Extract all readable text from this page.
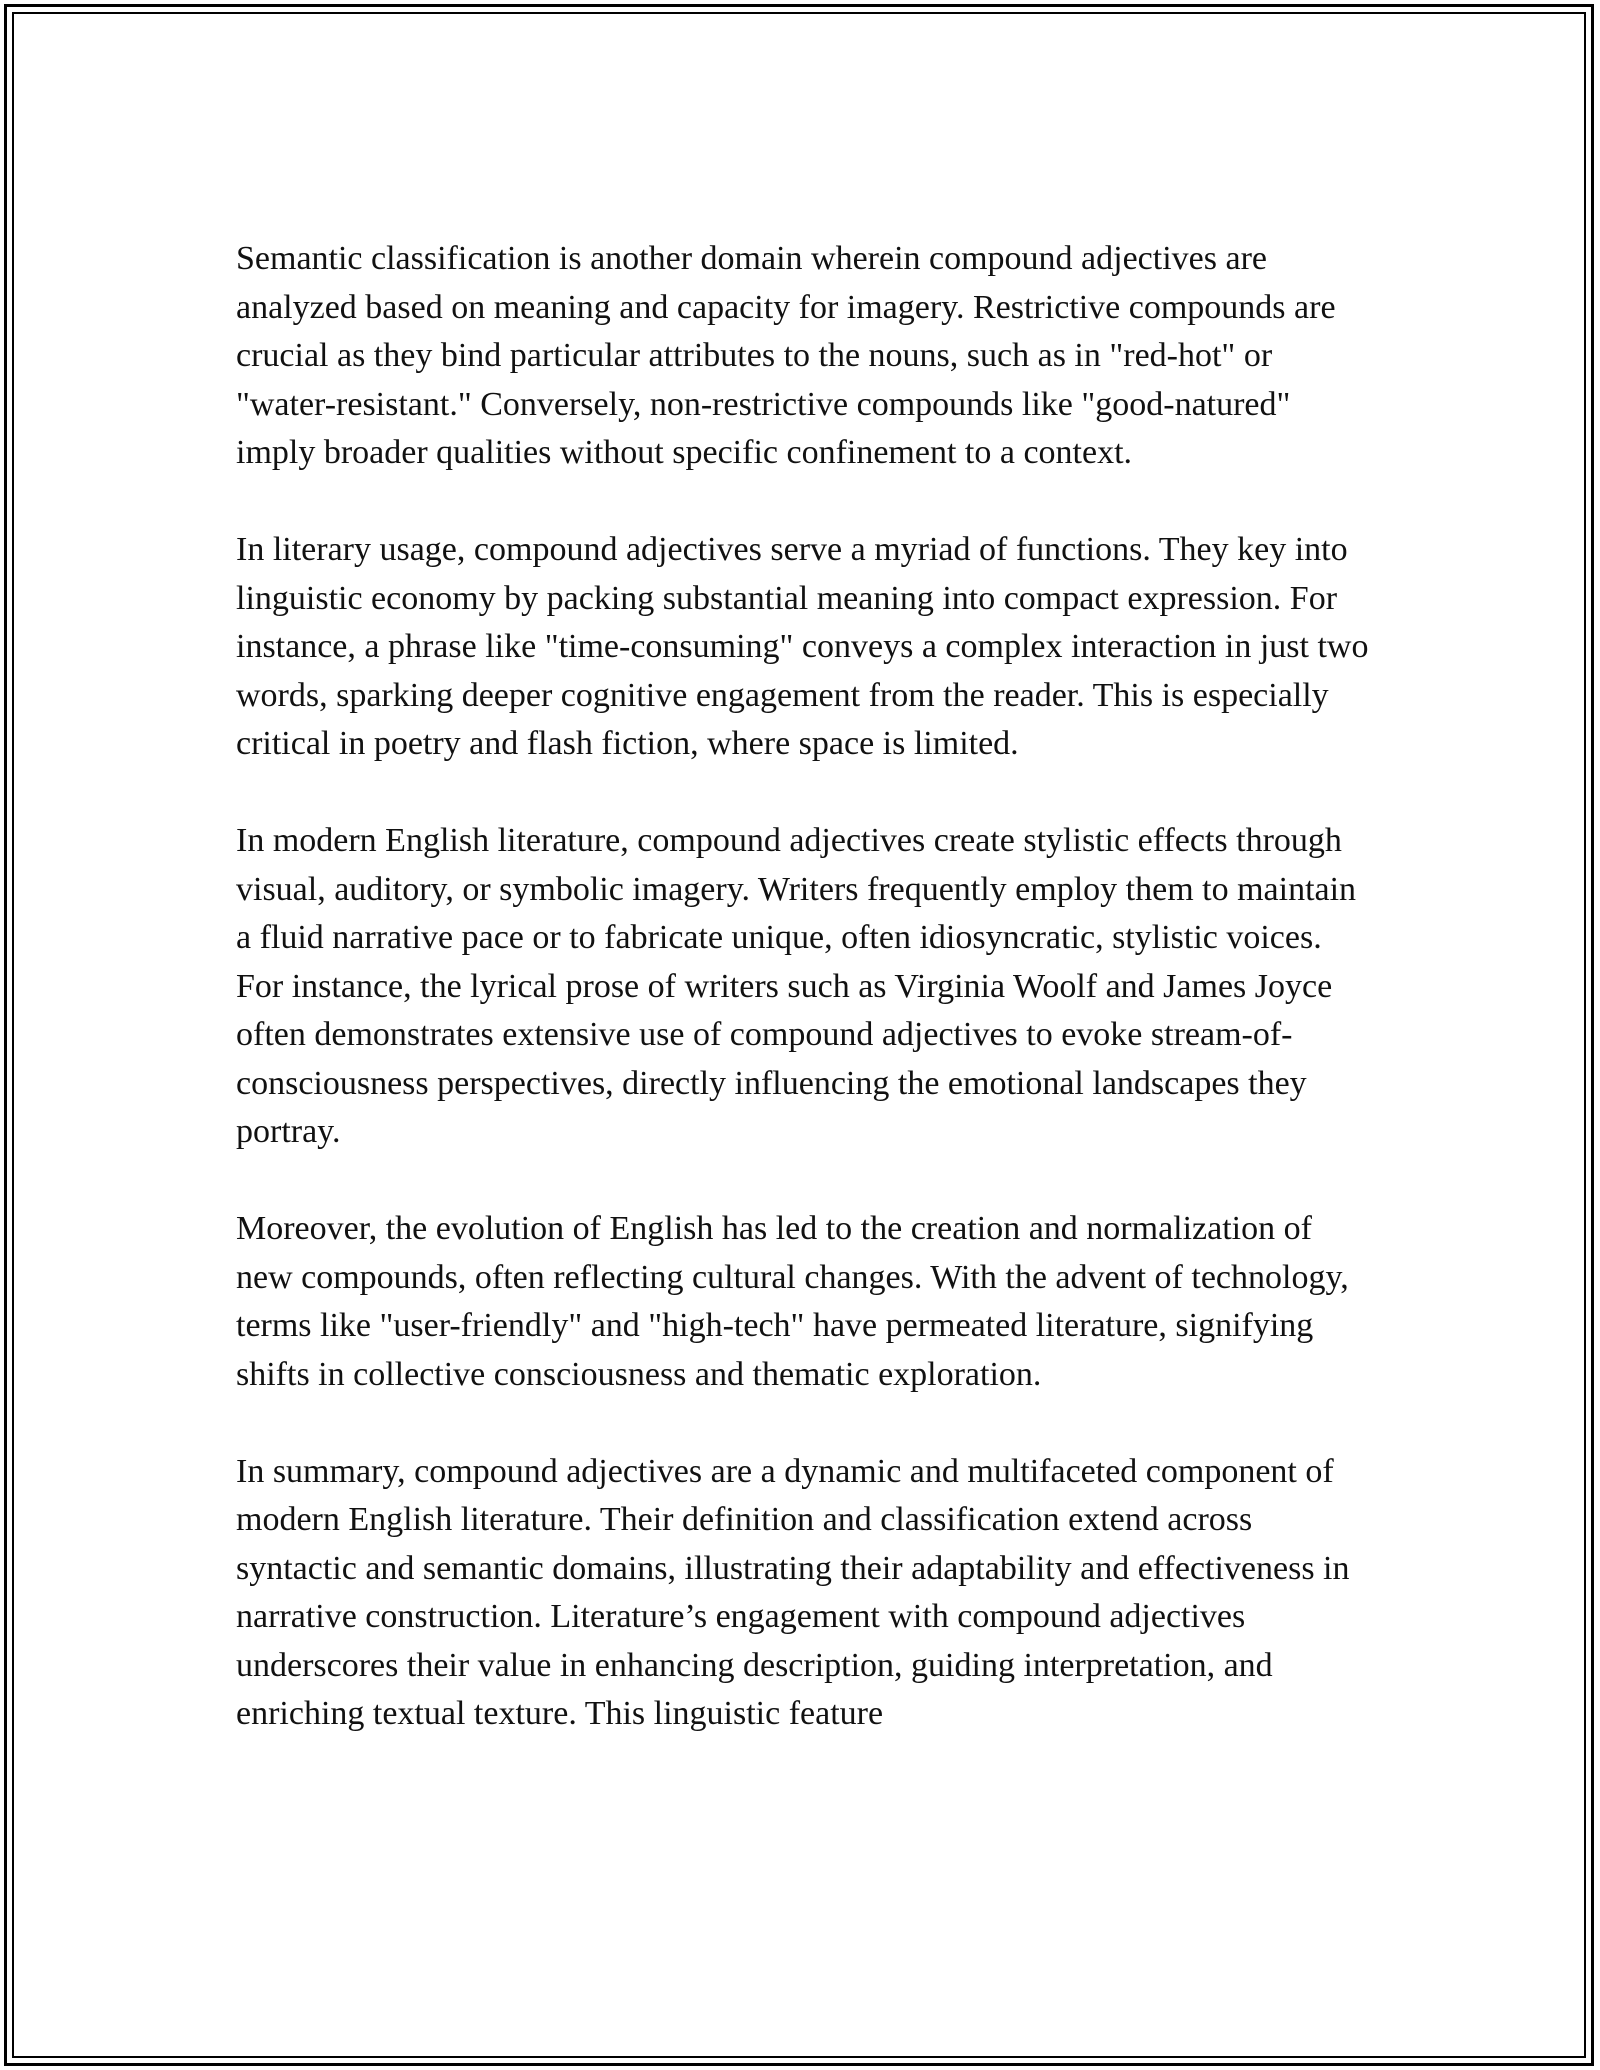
Semantic classification is another domain wherein compound adjectives are analyzed based on meaning and capacity for imagery. Restrictive compounds are crucial as they bind particular attributes to the nouns, such as in "red-hot" or "water-resistant." Conversely, non-restrictive compounds like "good-natured" imply broader qualities without specific confinement to a context.

In literary usage, compound adjectives serve a myriad of functions. They key into linguistic economy by packing substantial meaning into compact expression. For instance, a phrase like "time-consuming" conveys a complex interaction in just two words, sparking deeper cognitive engagement from the reader. This is especially critical in poetry and flash fiction, where space is limited.

In modern English literature, compound adjectives create stylistic effects through visual, auditory, or symbolic imagery. Writers frequently employ them to maintain a fluid narrative pace or to fabricate unique, often idiosyncratic, stylistic voices. For instance, the lyrical prose of writers such as Virginia Woolf and James Joyce often demonstrates extensive use of compound adjectives to evoke stream-of-consciousness perspectives, directly influencing the emotional landscapes they portray.

Moreover, the evolution of English has led to the creation and normalization of new compounds, often reflecting cultural changes. With the advent of technology, terms like "user-friendly" and "high-tech" have permeated literature, signifying shifts in collective consciousness and thematic exploration.

In summary, compound adjectives are a dynamic and multifaceted component of modern English literature. Their definition and classification extend across syntactic and semantic domains, illustrating their adaptability and effectiveness in narrative construction. Literature’s engagement with compound adjectives underscores their value in enhancing description, guiding interpretation, and enriching textual texture. This linguistic feature
